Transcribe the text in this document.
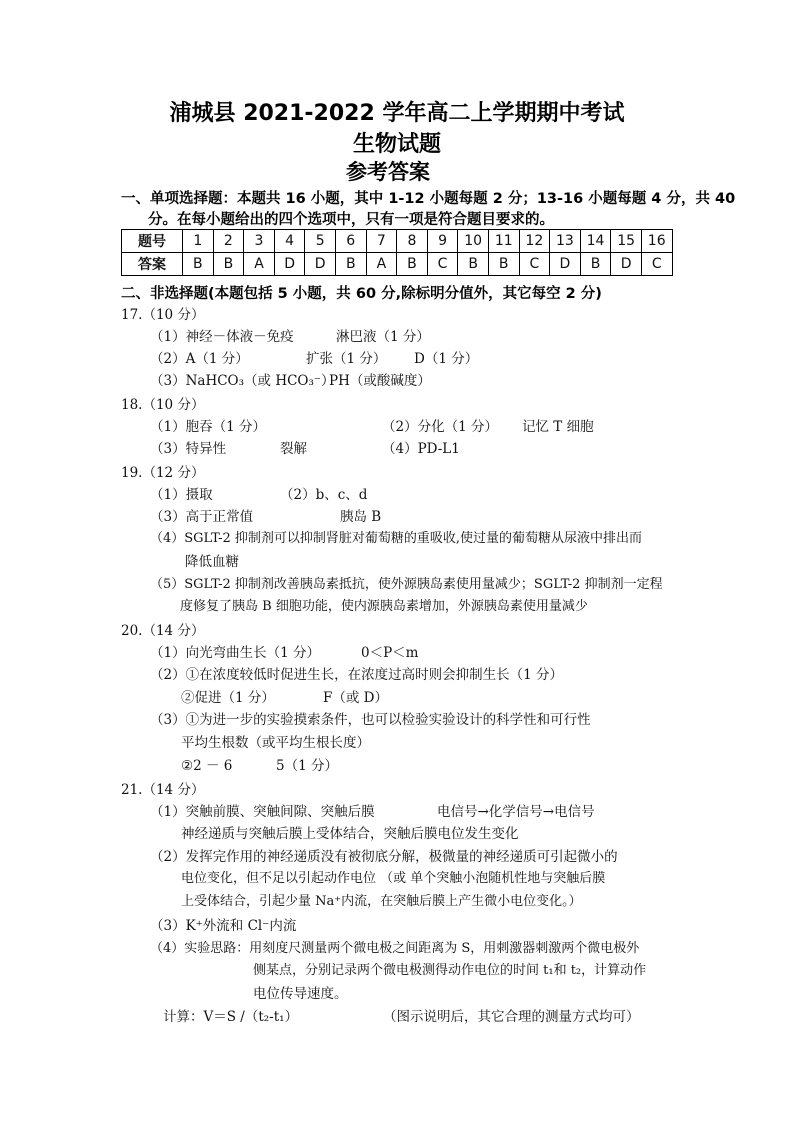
浦城县 2021-2022 学年高二上学期期中考试
生物试题
参考答案
一、单项选择题：本题共 16 小题，其中 1-12 小题每题 2 分；13-16 小题每题 4 分，共 40
分。在每小题给出的四个选项中，只有一项是符合题目要求的。
题号	1	2	3	4	5	6	7	8	9	10	11	12	13	14	15	16
答案	B	B	A	D	D	B	A	B	C	B	B	C	D	B	D	C
二、非选择题(本题包括 5 小题，共 60 分,除标明分值外，其它每空 2 分)
17.（10 分）
（1）神经－体液－免疫	淋巴液（1 分）
（2）A（1 分）	扩张（1 分） D（1 分）
（3）NaHCO₃（或 HCO₃⁻）
PH（或酸碱度）
18.（10 分）
（1）胞吞（1 分）	（2）分化（1 分） 记忆 T 细胞
（3）特异性	裂解	（4）PD-L1
19.（12 分）
（1）摄取	（2）b、c、d
（3）高于正常值	胰岛 B
（4）SGLT-2 抑制剂可以抑制肾脏对葡萄糖的重吸收,使过量的葡萄糖从尿液中排出而
降低血糖
（5）SGLT-2 抑制剂改善胰岛素抵抗，使外源胰岛素使用量减少；SGLT-2 抑制剂一定程
度修复了胰岛 B 细胞功能，使内源胰岛素增加，外源胰岛素使用量减少
20.（14 分）
（1）向光弯曲生长（1 分）	0＜P＜m
（2）①在浓度较低时促进生长，在浓度过高时则会抑制生长（1 分）
②促进（1 分）	F（或 D）
（3）①为进一步的实验摸索条件，也可以检验实验设计的科学性和可行性
平均生根数（或平均生根长度）
②2 － 6	5（1 分）
21.（14 分）
（1）突触前膜、突触间隙、突触后膜	电信号→化学信号→电信号
神经递质与突触后膜上受体结合，突触后膜电位发生变化
（2）发挥完作用的神经递质没有被彻底分解，极微量的神经递质可引起微小的
电位变化，但不足以引起动作电位 （或 单个突触小泡随机性地与突触后膜
上受体结合，引起少量 Na⁺内流，在突触后膜上产生微小电位变化。）
（3）K⁺外流和 Cl⁻内流
（4）实验思路：用刻度尺测量两个微电极之间距离为 S，用刺激器刺激两个微电极外
侧某点，分别记录两个微电极测得动作电位的时间 t₁和 t₂，计算动作
电位传导速度。
计算：V＝S /（t₂-t₁）	（图示说明后，其它合理的测量方式均可）
